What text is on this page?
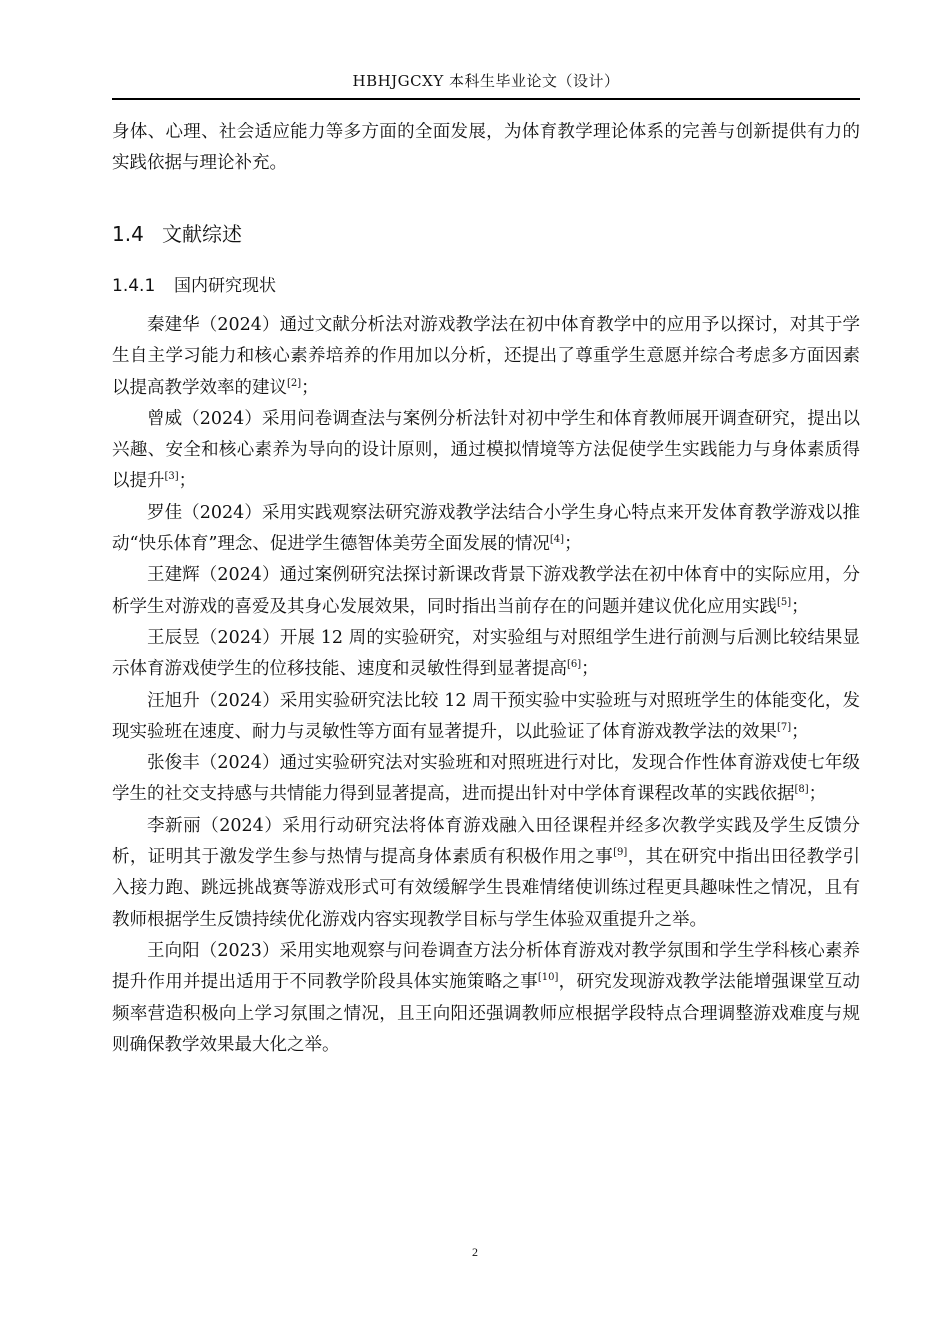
HBHJGCXY 本科生毕业论文（设计）

身体、心理、社会适应能力等多方面的全面发展，为体育教学理论体系的完善与创新提供有力的实践依据与理论补充。

1.4 文献综述
1.4.1 国内研究现状

秦建华（2024）通过文献分析法对游戏教学法在初中体育教学中的应用予以探讨，对其于学生自主学习能力和核心素养培养的作用加以分析，还提出了尊重学生意愿并综合考虑多方面因素以提高教学效率的建议[2]；

曾威（2024）采用问卷调查法与案例分析法针对初中学生和体育教师展开调查研究，提出以兴趣、安全和核心素养为导向的设计原则，通过模拟情境等方法促使学生实践能力与身体素质得以提升[3]；

罗佳（2024）采用实践观察法研究游戏教学法结合小学生身心特点来开发体育教学游戏以推动“快乐体育”理念、促进学生德智体美劳全面发展的情况[4]；

王建辉（2024）通过案例研究法探讨新课改背景下游戏教学法在初中体育中的实际应用，分析学生对游戏的喜爱及其身心发展效果，同时指出当前存在的问题并建议优化应用实践[5]；

王辰昱（2024）开展 12 周的实验研究，对实验组与对照组学生进行前测与后测比较结果显示体育游戏使学生的位移技能、速度和灵敏性得到显著提高[6]；

汪旭升（2024）采用实验研究法比较 12 周干预实验中实验班与对照班学生的体能变化，发现实验班在速度、耐力与灵敏性等方面有显著提升，以此验证了体育游戏教学法的效果[7]；

张俊丰（2024）通过实验研究法对实验班和对照班进行对比，发现合作性体育游戏使七年级学生的社交支持感与共情能力得到显著提高，进而提出针对中学体育课程改革的实践依据[8]；

李新丽（2024）采用行动研究法将体育游戏融入田径课程并经多次教学实践及学生反馈分析，证明其于激发学生参与热情与提高身体素质有积极作用之事[9]，其在研究中指出田径教学引入接力跑、跳远挑战赛等游戏形式可有效缓解学生畏难情绪使训练过程更具趣味性之情况，且有教师根据学生反馈持续优化游戏内容实现教学目标与学生体验双重提升之举。

王向阳（2023）采用实地观察与问卷调查方法分析体育游戏对教学氛围和学生学科核心素养提升作用并提出适用于不同教学阶段具体实施策略之事[10]，研究发现游戏教学法能增强课堂互动频率营造积极向上学习氛围之情况，且王向阳还强调教师应根据学段特点合理调整游戏难度与规则确保教学效果最大化之举。

2
